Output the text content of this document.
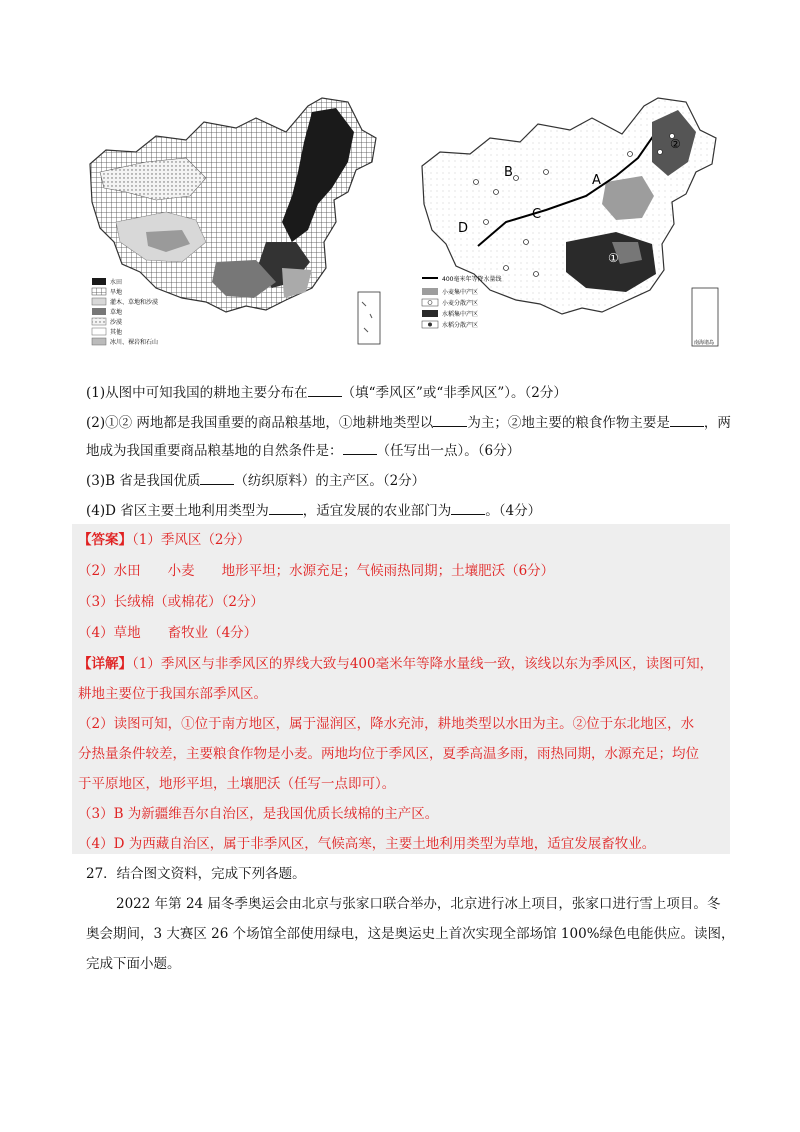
水田
旱地
灌木、草地和沙漠
草地
沙漠
其他
冰川、裸岩和石山
A
B
C
D
①
②
南海诸岛
400毫米年等降水量线
小麦集中产区
小麦分散产区
水稻集中产区
水稻分散产区
(1)从图中可知我国的耕地主要分布在	（填“季风区”或“非季风区”）。（2分）
(2)①② 两地都是我国重要的商品粮基地，①地耕地类型以	为主；②地主要的粮食作物主要是	，两
地成为我国重要商品粮基地的自然条件是：	（任写出一点）。（6分）
(3)B 省是我国优质	（纺织原料）的主产区。（2分）
(4)D 省区主要土地利用类型为	，适宜发展的农业部门为	。（4分）
【答案】（1）季风区（2分）
（2）水田　　小麦　　地形平坦；水源充足；气候雨热同期；土壤肥沃（6分）
（3）长绒棉（或棉花）（2分）
（4）草地　　畜牧业（4分）
【详解】（1）季风区与非季风区的界线大致与400毫米年等降水量线一致，该线以东为季风区，读图可知，
耕地主要位于我国东部季风区。
（2）读图可知，①位于南方地区，属于湿润区，降水充沛，耕地类型以水田为主。②位于东北地区，水
分热量条件较差，主要粮食作物是小麦。两地均位于季风区，夏季高温多雨，雨热同期，水源充足；均位
于平原地区，地形平坦，土壤肥沃（任写一点即可）。
（3）B 为新疆维吾尔自治区，是我国优质长绒棉的主产区。
（4）D 为西藏自治区，属于非季风区，气候高寒，主要土地利用类型为草地，适宜发展畜牧业。
27．结合图文资料，完成下列各题。
2022 年第 24 届冬季奥运会由北京与张家口联合举办，北京进行冰上项目，张家口进行雪上项目。冬
奥会期间，3 大赛区 26 个场馆全部使用绿电，这是奥运史上首次实现全部场馆 100%绿色电能供应。读图，
完成下面小题。
